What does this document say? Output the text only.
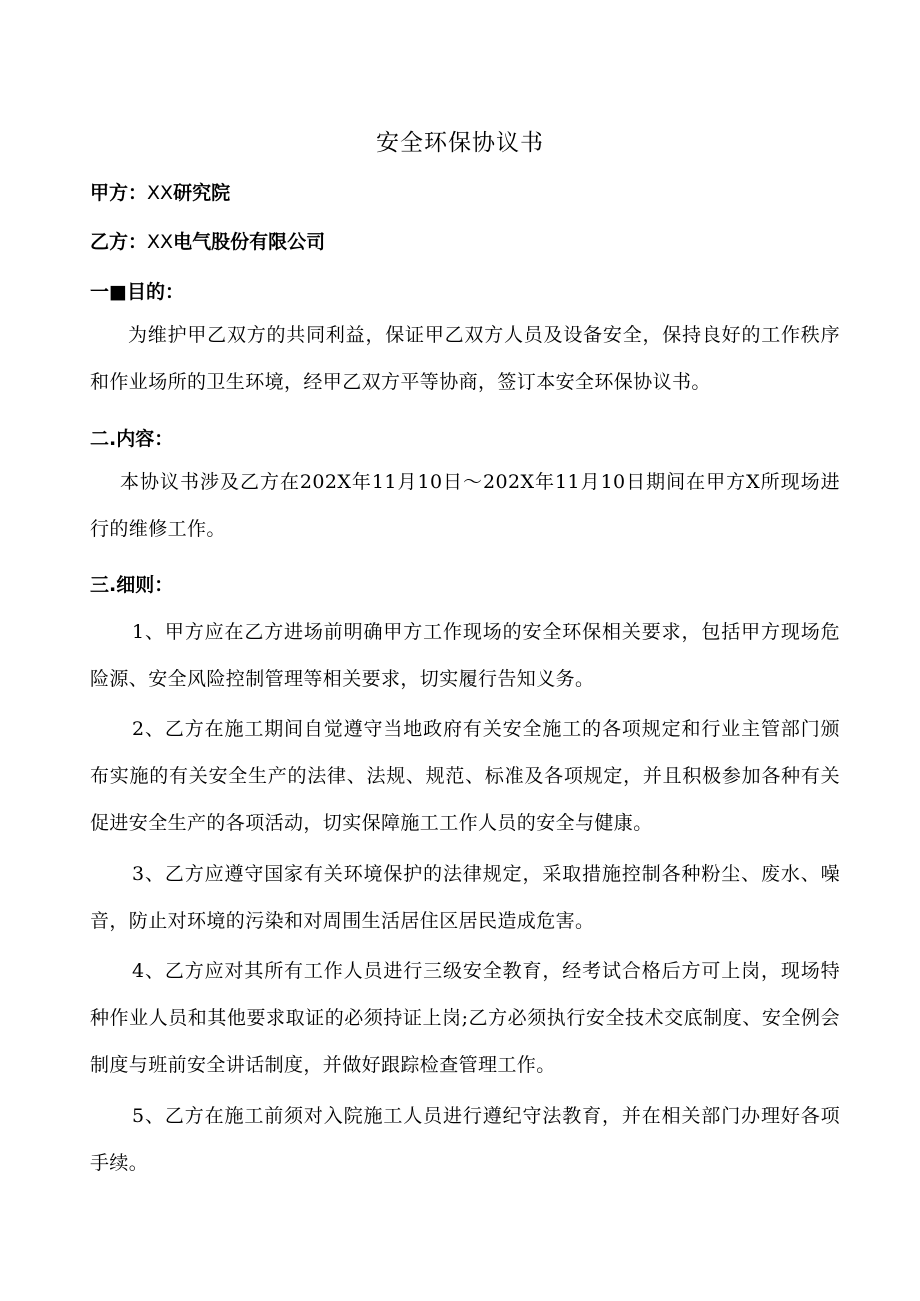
安全环保协议书
甲方：XX研究院
乙方：XX电气股份有限公司
一■目的：
为维护甲乙双方的共同利益，保证甲乙双方人员及设备安全，保持良好的工作秩序和作业场所的卫生环境，经甲乙双方平等协商，签订本安全环保协议书。
二.内容：
本协议书涉及乙方在202X年11月10日～202X年11月10日期间在甲方X所现场进行的维修工作。
三.细则：
1、甲方应在乙方进场前明确甲方工作现场的安全环保相关要求，包括甲方现场危险源、安全风险控制管理等相关要求，切实履行告知义务。
2、乙方在施工期间自觉遵守当地政府有关安全施工的各项规定和行业主管部门颁布实施的有关安全生产的法律、法规、规范、标准及各项规定，并且积极参加各种有关促进安全生产的各项活动，切实保障施工工作人员的安全与健康。
3、乙方应遵守国家有关环境保护的法律规定，采取措施控制各种粉尘、废水、噪音，防止对环境的污染和对周围生活居住区居民造成危害。
4、乙方应对其所有工作人员进行三级安全教育，经考试合格后方可上岗，现场特种作业人员和其他要求取证的必须持证上岗;乙方必须执行安全技术交底制度、安全例会制度与班前安全讲话制度，并做好跟踪检查管理工作。
5、乙方在施工前须对入院施工人员进行遵纪守法教育，并在相关部门办理好各项手续。
